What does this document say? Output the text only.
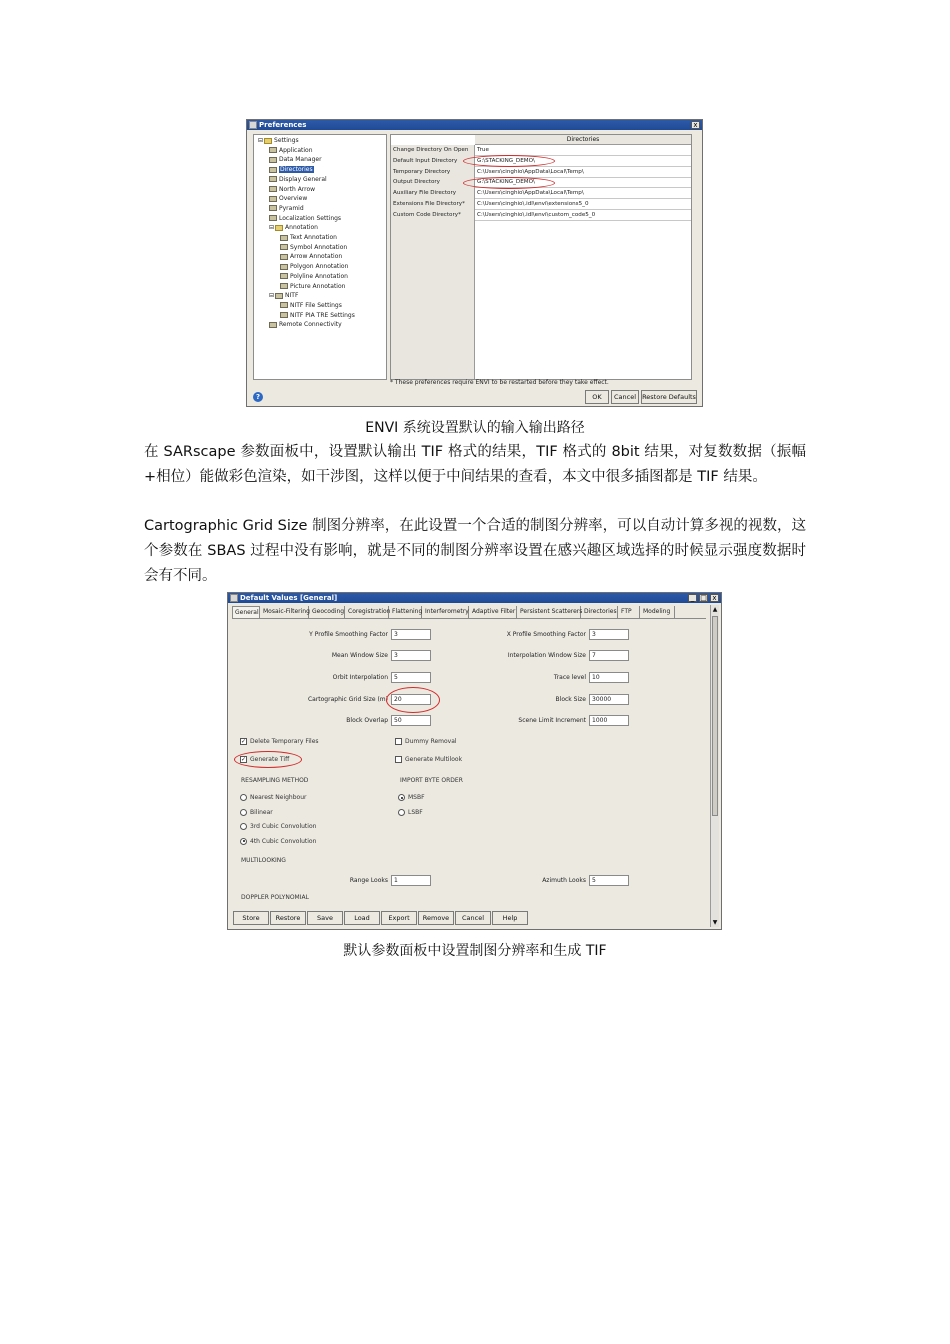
Preferences	x
⊟ Settings
Application
Data Manager
Directories
Display General
North Arrow
Overview
Pyramid
Localization Settings
⊟ Annotation
Text Annotation
Symbol Annotation
Arrow Annotation
Polygon Annotation
Polyline Annotation
Picture Annotation
⊟ NITF
NITF File Settings
NITF PIA TRE Settings
Remote Connectivity
Directories
Change Directory On Open True
Default Input Directory	G:\STACKING_DEMO\
Temporary Directory	C:\Users\cinghio\AppData\Local\Temp\
Output Directory	G:\STACKING_DEMO\
Auxiliary File Directory	C:\Users\cinghio\AppData\Local\Temp\
Extensions File Directory* C:\Users\cinghio\.idl\envi\extensions5_0
Custom Code Directory*	C:\Users\cinghio\.idl\envi\custom_code5_0
* These preferences require ENVI to be restarted before they take effect.
?	OK	Cancel Restore Defaults
ENVI 系统设置默认的输入输出路径
在 SARscape 参数面板中，设置默认输出 TIF 格式的结果，TIF 格式的 8bit 结果，对复数数据（振幅+相位）能做彩色渲染，如干涉图，这样以便于中间结果的查看，本文中很多插图都是 TIF 结果。
Cartographic Grid Size 制图分辨率，在此设置一个合适的制图分辨率，可以自动计算多视的视数，这个参数在 SBAS 过程中没有影响，就是不同的制图分辨率设置在感兴趣区域选择的时候显示强度数据时会有不同。
Default Values [General]	_ □ x
General Mosaic-Filtering Geocoding Coregistration Flattening Interferometry Adaptive Filter Persistent Scatterers Directories FTP	Modeling
Y Profile Smoothing Factor	3
Mean Window Size	3
Orbit Interpolation	5
Cartographic Grid Size (m)	20
Block Overlap	50
X Profile Smoothing Factor	3
Interpolation Window Size	7
Trace level	10
Block Size	30000
Scene Limit Increment	1000
✓ Delete Temporary Files
✓ Generate Tiff
Dummy Removal
Generate Multilook
RESAMPLING METHOD
Nearest Neighbour
Bilinear
3rd Cubic Convolution
4th Cubic Convolution
IMPORT BYTE ORDER
MSBF
LSBF
MULTILOOKING
Range Looks	1	Azimuth Looks	5
DOPPLER POLYNOMIAL
▲
▼
Store	Restore	Save	Load	Export	Remove	Cancel	Help
默认参数面板中设置制图分辨率和生成 TIF
